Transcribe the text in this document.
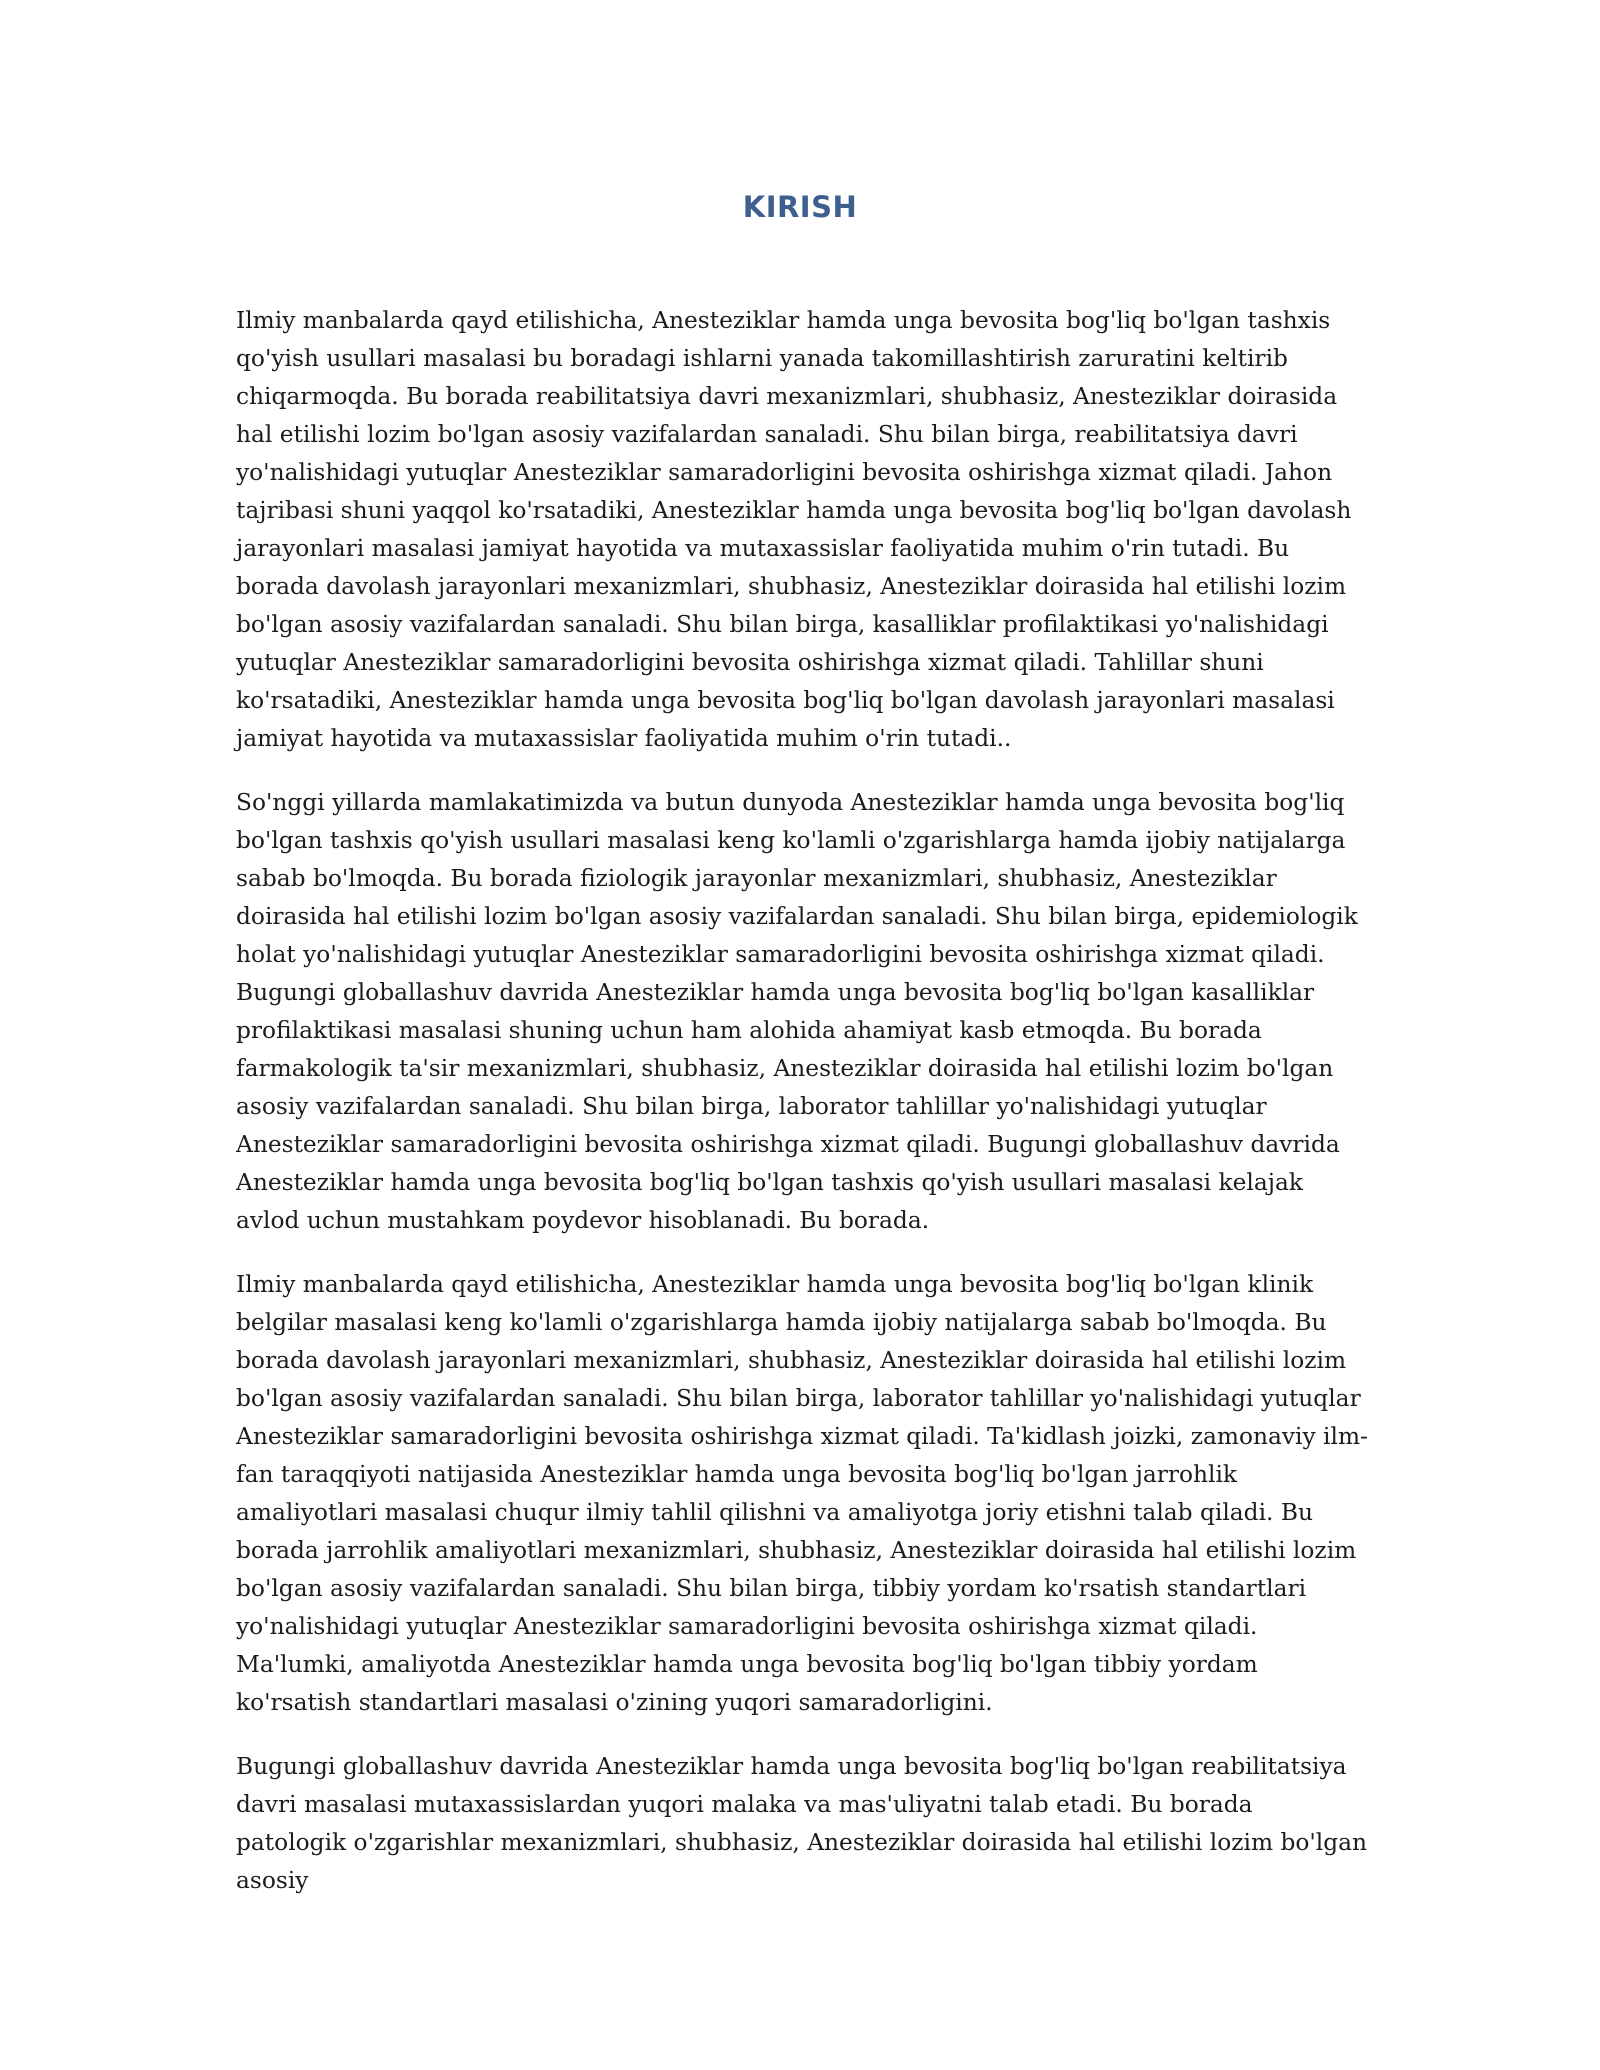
KIRISH

Ilmiy manbalarda qayd etilishicha, Anesteziklar hamda unga bevosita bog'liq bo'lgan tashxis qo'yish usullari masalasi bu boradagi ishlarni yanada takomillashtirish zaruratini keltirib chiqarmoqda. Bu borada reabilitatsiya davri mexanizmlari, shubhasiz, Anesteziklar doirasida hal etilishi lozim bo'lgan asosiy vazifalardan sanaladi. Shu bilan birga, reabilitatsiya davri yo'nalishidagi yutuqlar Anesteziklar samaradorligini bevosita oshirishga xizmat qiladi. Jahon tajribasi shuni yaqqol ko'rsatadiki, Anesteziklar hamda unga bevosita bog'liq bo'lgan davolash jarayonlari masalasi jamiyat hayotida va mutaxassislar faoliyatida muhim o'rin tutadi. Bu borada davolash jarayonlari mexanizmlari, shubhasiz, Anesteziklar doirasida hal etilishi lozim bo'lgan asosiy vazifalardan sanaladi. Shu bilan birga, kasalliklar profilaktikasi yo'nalishidagi yutuqlar Anesteziklar samaradorligini bevosita oshirishga xizmat qiladi. Tahlillar shuni ko'rsatadiki, Anesteziklar hamda unga bevosita bog'liq bo'lgan davolash jarayonlari masalasi jamiyat hayotida va mutaxassislar faoliyatida muhim o'rin tutadi..

So'nggi yillarda mamlakatimizda va butun dunyoda Anesteziklar hamda unga bevosita bog'liq bo'lgan tashxis qo'yish usullari masalasi keng ko'lamli o'zgarishlarga hamda ijobiy natijalarga sabab bo'lmoqda. Bu borada fiziologik jarayonlar mexanizmlari, shubhasiz, Anesteziklar doirasida hal etilishi lozim bo'lgan asosiy vazifalardan sanaladi. Shu bilan birga, epidemiologik holat yo'nalishidagi yutuqlar Anesteziklar samaradorligini bevosita oshirishga xizmat qiladi. Bugungi globallashuv davrida Anesteziklar hamda unga bevosita bog'liq bo'lgan kasalliklar profilaktikasi masalasi shuning uchun ham alohida ahamiyat kasb etmoqda. Bu borada farmakologik ta'sir mexanizmlari, shubhasiz, Anesteziklar doirasida hal etilishi lozim bo'lgan asosiy vazifalardan sanaladi. Shu bilan birga, laborator tahlillar yo'nalishidagi yutuqlar Anesteziklar samaradorligini bevosita oshirishga xizmat qiladi. Bugungi globallashuv davrida Anesteziklar hamda unga bevosita bog'liq bo'lgan tashxis qo'yish usullari masalasi kelajak avlod uchun mustahkam poydevor hisoblanadi. Bu borada.

Ilmiy manbalarda qayd etilishicha, Anesteziklar hamda unga bevosita bog'liq bo'lgan klinik belgilar masalasi keng ko'lamli o'zgarishlarga hamda ijobiy natijalarga sabab bo'lmoqda. Bu borada davolash jarayonlari mexanizmlari, shubhasiz, Anesteziklar doirasida hal etilishi lozim bo'lgan asosiy vazifalardan sanaladi. Shu bilan birga, laborator tahlillar yo'nalishidagi yutuqlar Anesteziklar samaradorligini bevosita oshirishga xizmat qiladi. Ta'kidlash joizki, zamonaviy ilm-fan taraqqiyoti natijasida Anesteziklar hamda unga bevosita bog'liq bo'lgan jarrohlik amaliyotlari masalasi chuqur ilmiy tahlil qilishni va amaliyotga joriy etishni talab qiladi. Bu borada jarrohlik amaliyotlari mexanizmlari, shubhasiz, Anesteziklar doirasida hal etilishi lozim bo'lgan asosiy vazifalardan sanaladi. Shu bilan birga, tibbiy yordam ko'rsatish standartlari yo'nalishidagi yutuqlar Anesteziklar samaradorligini bevosita oshirishga xizmat qiladi. Ma'lumki, amaliyotda Anesteziklar hamda unga bevosita bog'liq bo'lgan tibbiy yordam ko'rsatish standartlari masalasi o'zining yuqori samaradorligini.

Bugungi globallashuv davrida Anesteziklar hamda unga bevosita bog'liq bo'lgan reabilitatsiya davri masalasi mutaxassislardan yuqori malaka va mas'uliyatni talab etadi. Bu borada patologik o'zgarishlar mexanizmlari, shubhasiz, Anesteziklar doirasida hal etilishi lozim bo'lgan asosiy
